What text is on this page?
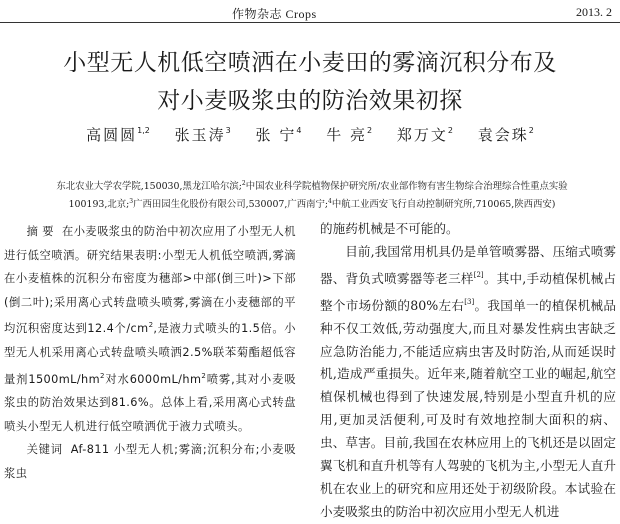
作物杂志 Crops	2013. 2
小型无人机低空喷洒在小麦田的雾滴沉积分布及
对小麦吸浆虫的防治效果初探
高圆圆$^{1,2}$ 张玉涛$^3$ 张 宁$^4$ 牛 亮$^2$ 郑万文$^2$ 袁会珠$^2$
东北农业大学农学院,150030,黑龙江哈尔滨;$^2$中国农业科学院植物保护研究所/农业部作物有害生物综合治理综合性重点实验
100193,北京;$^3$广西田园生化股份有限公司,530007,广西南宁;$^4$中航工业西安飞行自动控制研究所,710065,陕西西安)
摘 要 在小麦吸浆虫的防治中初次应用了小型无人机进行低空喷洒。研究结果表明:小型无人机低空喷洒,雾滴在小麦植株的沉积分布密度为穗部>中部(倒三叶)>下部(倒二叶);采用离心式转盘喷头喷雾,雾滴在小麦穗部的平均沉积密度达到12.4个$/cm^2$,是液力式喷头的1.5倍。小型无人机采用离心式转盘喷头喷洒2.5%联苯菊酯超低容量剂$1500mL/hm^2$对水$6000mL/hm^2$喷雾,其对小麦吸浆虫的防治效果达到81.6%。总体上看,采用离心式转盘喷头小型无人机进行低空喷洒优于液力式喷头。
关键词 Af-811 小型无人机;雾滴;沉积分布;小麦吸浆虫
的施药机械是不可能的。
目前,我国常用机具仍是单管喷雾器、压缩式喷雾器、背负式喷雾器等老三样[2]。其中,手动植保机械占整个市场份额的80%左右[3]。我国单一的植保机械品种不仅工效低,劳动强度大,而且对暴发性病虫害缺乏应急防治能力,不能适应病虫害及时防治,从而延误时机,造成严重损失。近年来,随着航空工业的崛起,航空植保机械也得到了快速发展,特别是小型直升机的应用,更加灵活便利,可及时有效地控制大面积的病、虫、草害。目前,我国在农林应用上的飞机还是以固定翼飞机和直升机等有人驾驶的飞机为主,小型无人直升机在农业上的研究和应用还处于初级阶段。本试验在小麦吸浆虫的防治中初次应用小型无人机进
